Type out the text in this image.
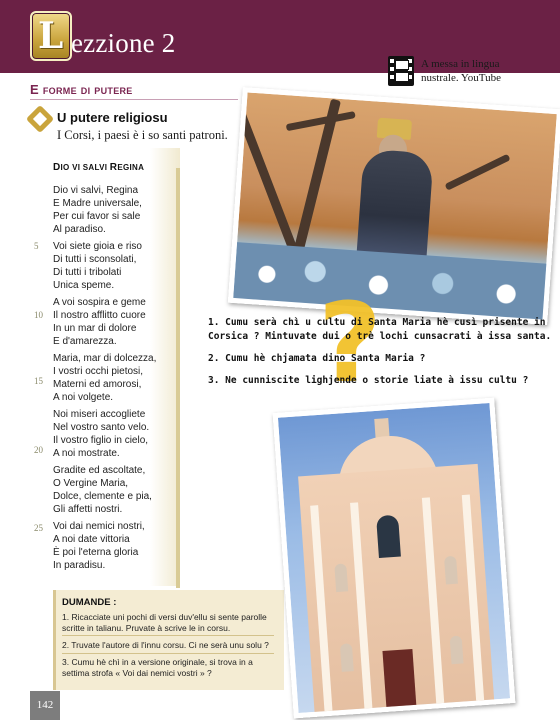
L ezzione 2
A messa in lingua
nustrale. YouTube
E forme di putere
U putere religiosu
I Corsi, i paesi è i so santi patroni.
DIO VI SALVI REGINA
Dio vi salvi, Regina
E Madre universale,
Per cui favor si sale
Al paradiso.
Voi siete gioia e riso
Di tutti i sconsolati,
Di tutti i tribolati
Unica speme.
A voi sospira e geme
Il nostro afflitto cuore
In un mar di dolore
E d'amarezza.
Maria, mar di dolcezza,
I vostri occhi pietosi,
Materni ed amorosi,
A noi volgete.
Noi miseri accogliete
Nel vostro santo velo.
Il vostro figlio in cielo,
A noi mostrate.
Gradite ed ascoltate,
O Vergine Maria,
Dolce, clemente e pia,
Gli affetti nostri.
Voi dai nemici nostri,
A noi date vittoria
È poi l'eterna gloria
In paradisu.
5
10
15
20
25
DUMANDE :
1. Ricacciate uni pochi di versi duv'ellu si sente parolle scritte in talianu. Pruvate à scrive le in corsu.
2. Truvate l'autore di l'innu corsu. Ci ne serà unu solu ?
3. Cumu hè chì in a versione originale, si trova in a settima strofa « Voi dai nemici vostri » ?
?

1. Cumu serà chì u cultu di Santa Maria hè cusì prisente in Corsica ? Mintuvate dui o trè lochi cunsacrati à issa santa.

2. Cumu hè chjamata dino Santa Maria ?

3. Ne cunniscite lighjende o storie liate à issu cultu ?

142
